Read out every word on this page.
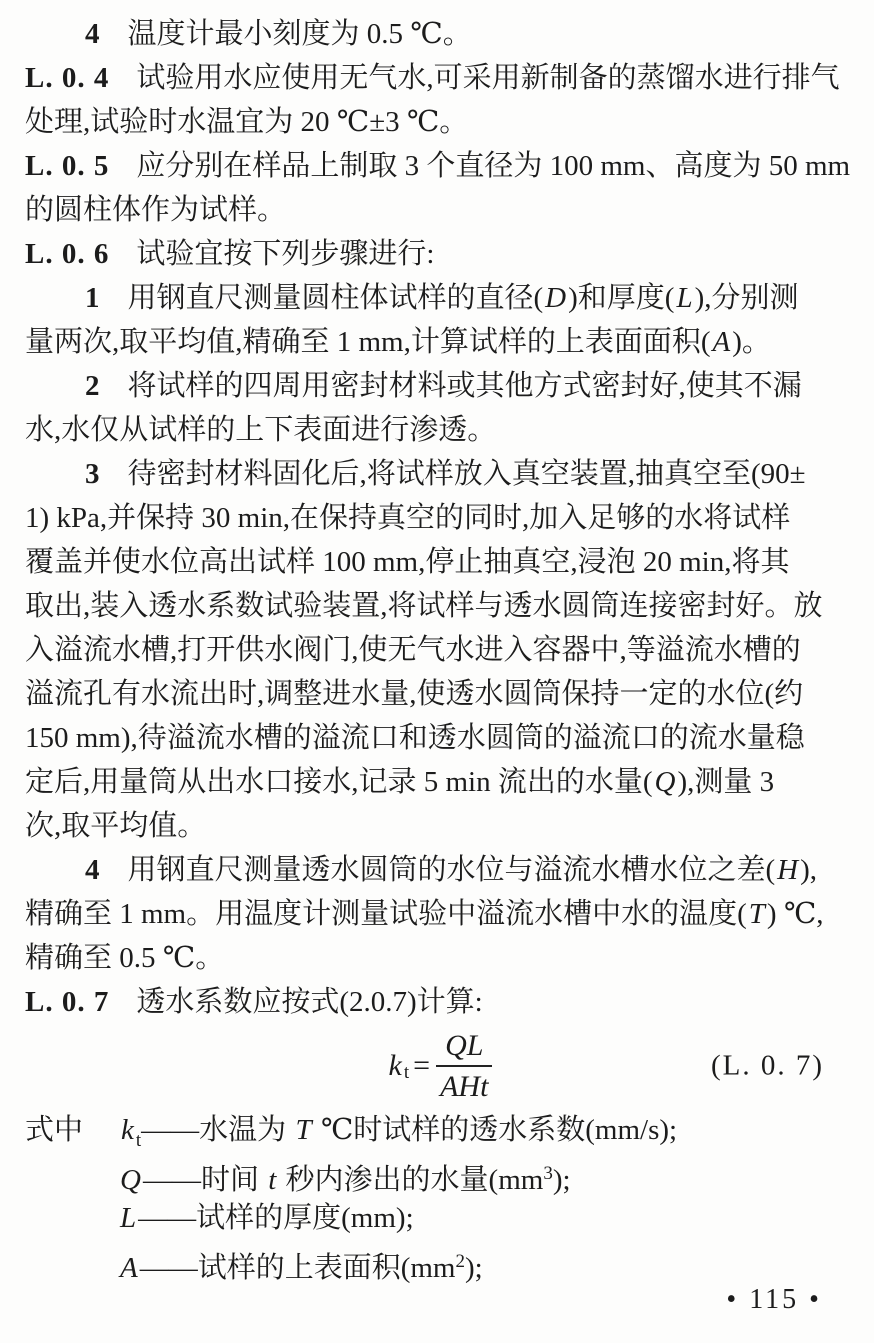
4 温度计最小刻度为 0.5 ℃。
L. 0. 4 试验用水应使用无气水,可采用新制备的蒸馏水进行排气
处理,试验时水温宜为 20 ℃±3 ℃。
L. 0. 5 应分别在样品上制取 3 个直径为 100 mm、高度为 50 mm
的圆柱体作为试样。
L. 0. 6 试验宜按下列步骤进行:
1 用钢直尺测量圆柱体试样的直径(D)和厚度(L),分别测
量两次,取平均值,精确至 1 mm,计算试样的上表面面积(A)。
2 将试样的四周用密封材料或其他方式密封好,使其不漏
水,水仅从试样的上下表面进行渗透。
3 待密封材料固化后,将试样放入真空装置,抽真空至(90±
1) kPa,并保持 30 min,在保持真空的同时,加入足够的水将试样
覆盖并使水位高出试样 100 mm,停止抽真空,浸泡 20 min,将其
取出,装入透水系数试验装置,将试样与透水圆筒连接密封好。放
入溢流水槽,打开供水阀门,使无气水进入容器中,等溢流水槽的
溢流孔有水流出时,调整进水量,使透水圆筒保持一定的水位(约
150 mm),待溢流水槽的溢流口和透水圆筒的溢流口的流水量稳
定后,用量筒从出水口接水,记录 5 min 流出的水量(Q),测量 3
次,取平均值。
4 用钢直尺测量透水圆筒的水位与溢流水槽水位之差(H),
精确至 1 mm。用温度计测量试验中溢流水槽中水的温度(T) ℃,
精确至 0.5 ℃。
L. 0. 7 透水系数应按式(2.0.7)计算:
k $t = \frac{QL}{\text{AHt}}$	(L. 0. 7)
式中 k $_t$——水温为 T ℃时试样的透水系数(mm/s);
Q——时间 t 秒内渗出的水量$(mm^3)$;
L——试样的厚度(mm);
A——试样的上表面积$(mm^2)$;
• 115 •
